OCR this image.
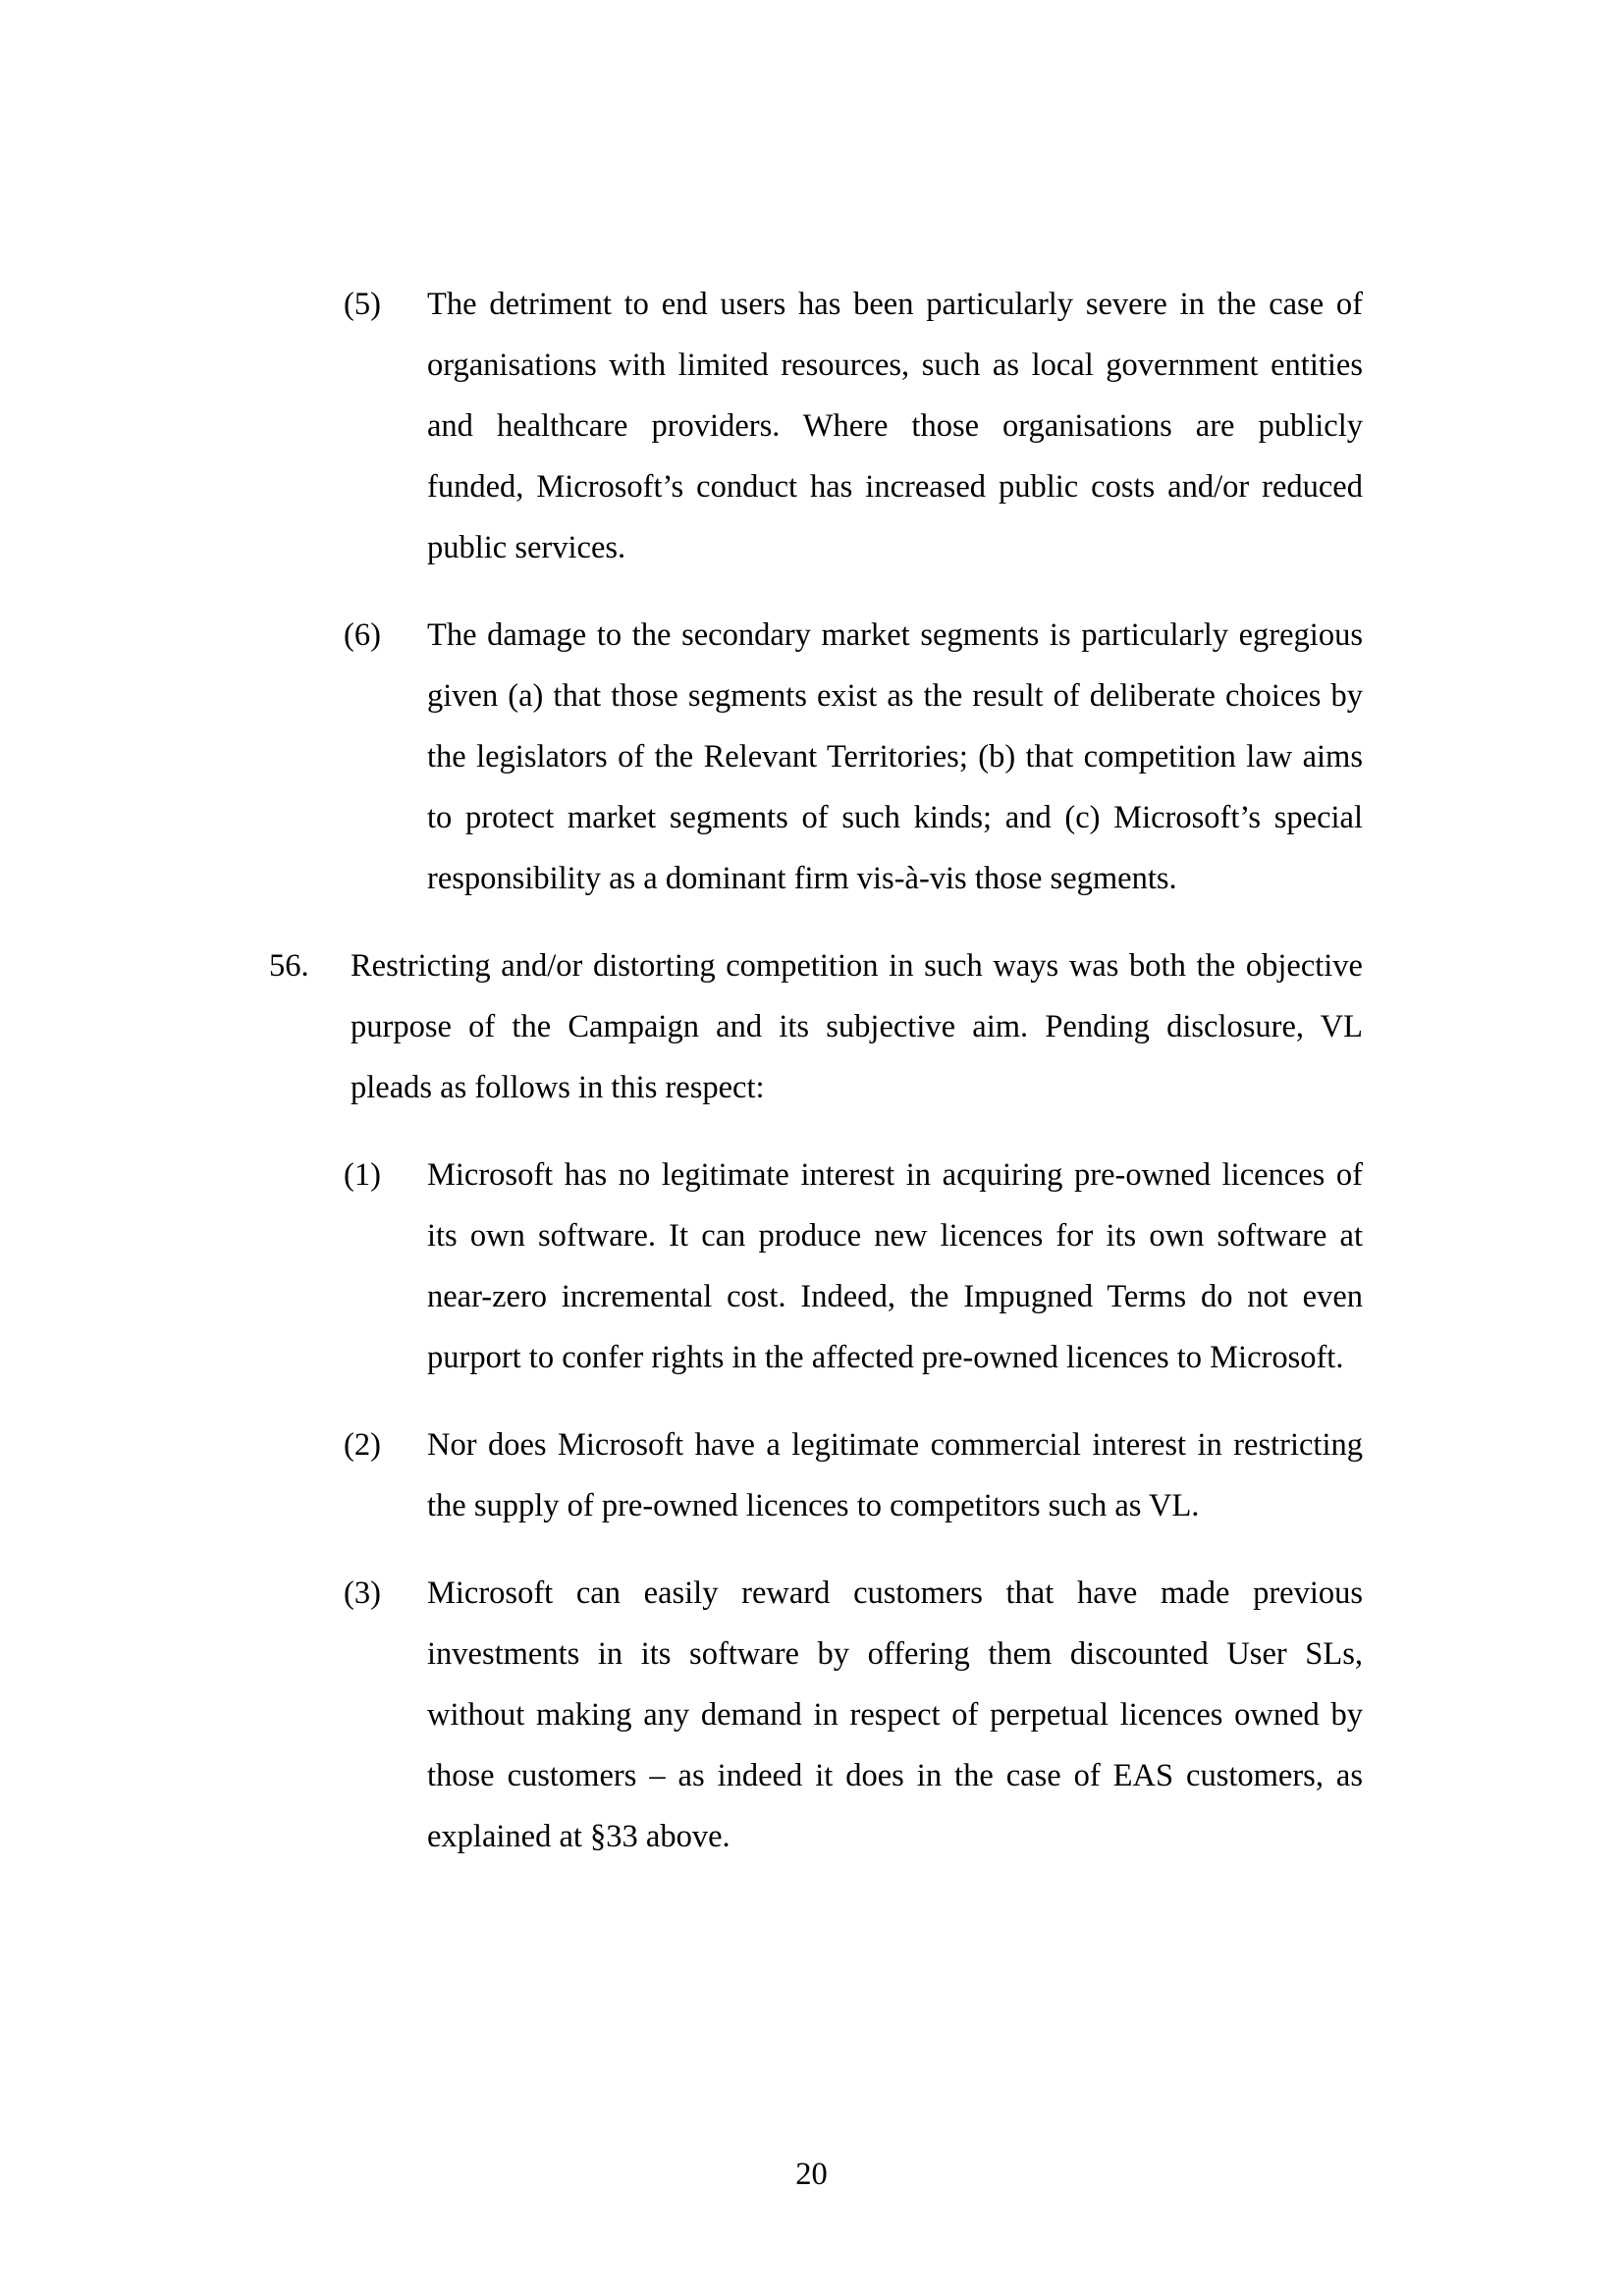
(5) The detriment to end users has been particularly severe in the case of
organisations with limited resources, such as local government entities
and healthcare providers. Where those organisations are publicly
funded, Microsoft’s conduct has increased public costs and/or reduced
public services.
(6) The damage to the secondary market segments is particularly egregious
given (a) that those segments exist as the result of deliberate choices by
the legislators of the Relevant Territories; (b) that competition law aims
to protect market segments of such kinds; and (c) Microsoft’s special
responsibility as a dominant firm vis-à-vis those segments.
56. Restricting and/or distorting competition in such ways was both the objective
purpose of the Campaign and its subjective aim. Pending disclosure, VL
pleads as follows in this respect:
(1) Microsoft has no legitimate interest in acquiring pre-owned licences of
its own software. It can produce new licences for its own software at
near-zero incremental cost. Indeed, the Impugned Terms do not even
purport to confer rights in the affected pre-owned licences to Microsoft.
(2) Nor does Microsoft have a legitimate commercial interest in restricting
the supply of pre-owned licences to competitors such as VL.
(3) Microsoft can easily reward customers that have made previous
investments in its software by offering them discounted User SLs,
without making any demand in respect of perpetual licences owned by
those customers – as indeed it does in the case of EAS customers, as
explained at §33 above.
20
